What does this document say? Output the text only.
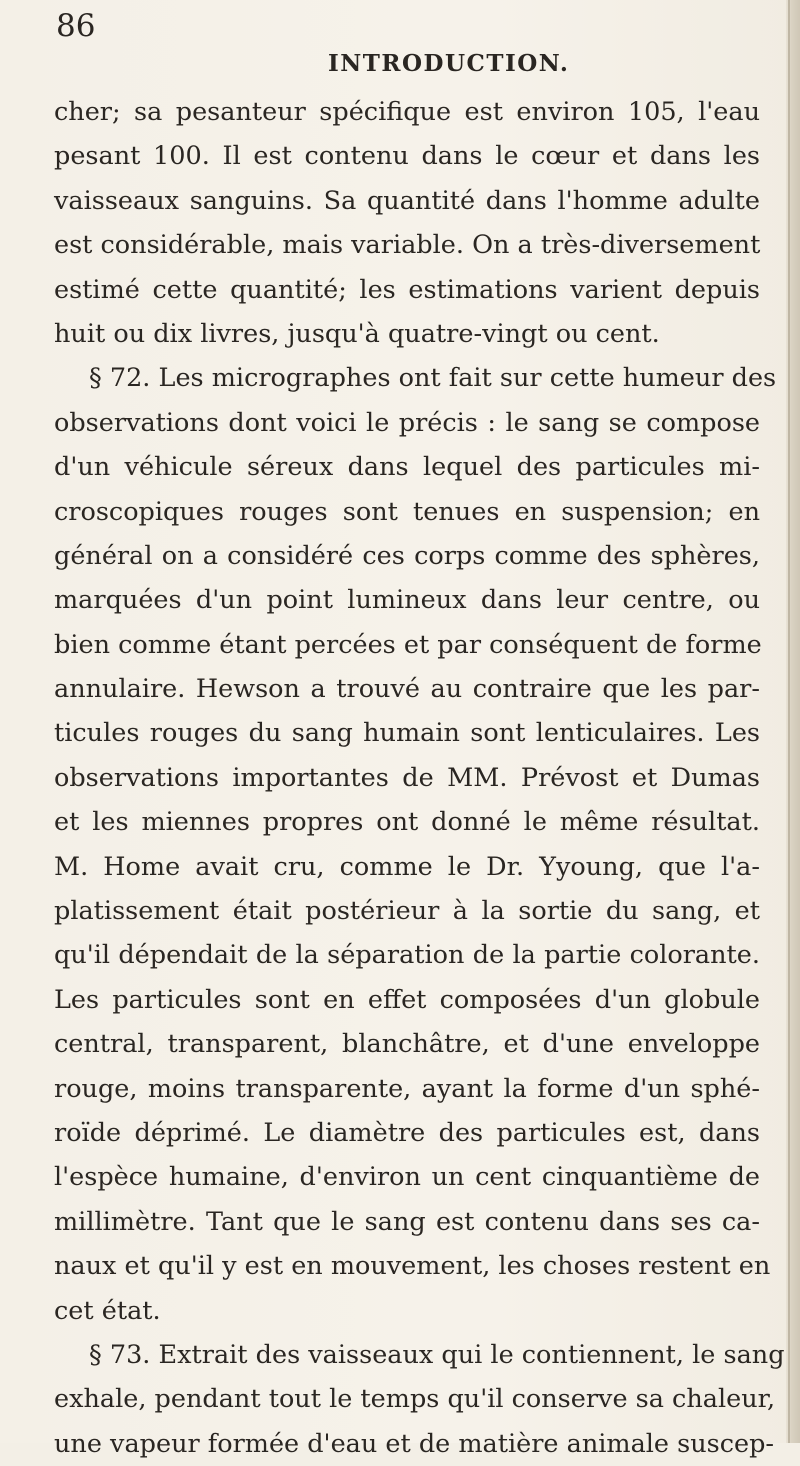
86
INTRODUCTION.
cher; sa pesanteur spécifique est environ 105, l'eau
pesant 100. Il est contenu dans le cœur et dans les
vaisseaux sanguins. Sa quantité dans l'homme adulte
est considérable, mais variable. On a très-diversement
estimé cette quantité; les estimations varient depuis
huit ou dix livres, jusqu'à quatre-vingt ou cent.
§ 72. Les micrographes ont fait sur cette humeur des
observations dont voici le précis : le sang se compose
d'un véhicule séreux dans lequel des particules mi-
croscopiques rouges sont tenues en suspension; en
général on a considéré ces corps comme des sphères,
marquées d'un point lumineux dans leur centre, ou
bien comme étant percées et par conséquent de forme
annulaire. Hewson a trouvé au contraire que les par-
ticules rouges du sang humain sont lenticulaires. Les
observations importantes de MM. Prévost et Dumas
et les miennes propres ont donné le même résultat.
M. Home avait cru, comme le Dr. Yyoung, que l'a-
platissement était postérieur à la sortie du sang, et
qu'il dépendait de la séparation de la partie colorante.
Les particules sont en effet composées d'un globule
central, transparent, blanchâtre, et d'une enveloppe
rouge, moins transparente, ayant la forme d'un sphé-
roïde déprimé. Le diamètre des particules est, dans
l'espèce humaine, d'environ un cent cinquantième de
millimètre. Tant que le sang est contenu dans ses ca-
naux et qu'il y est en mouvement, les choses restent en
cet état.
§ 73. Extrait des vaisseaux qui le contiennent, le sang
exhale, pendant tout le temps qu'il conserve sa chaleur,
une vapeur formée d'eau et de matière animale suscep-
